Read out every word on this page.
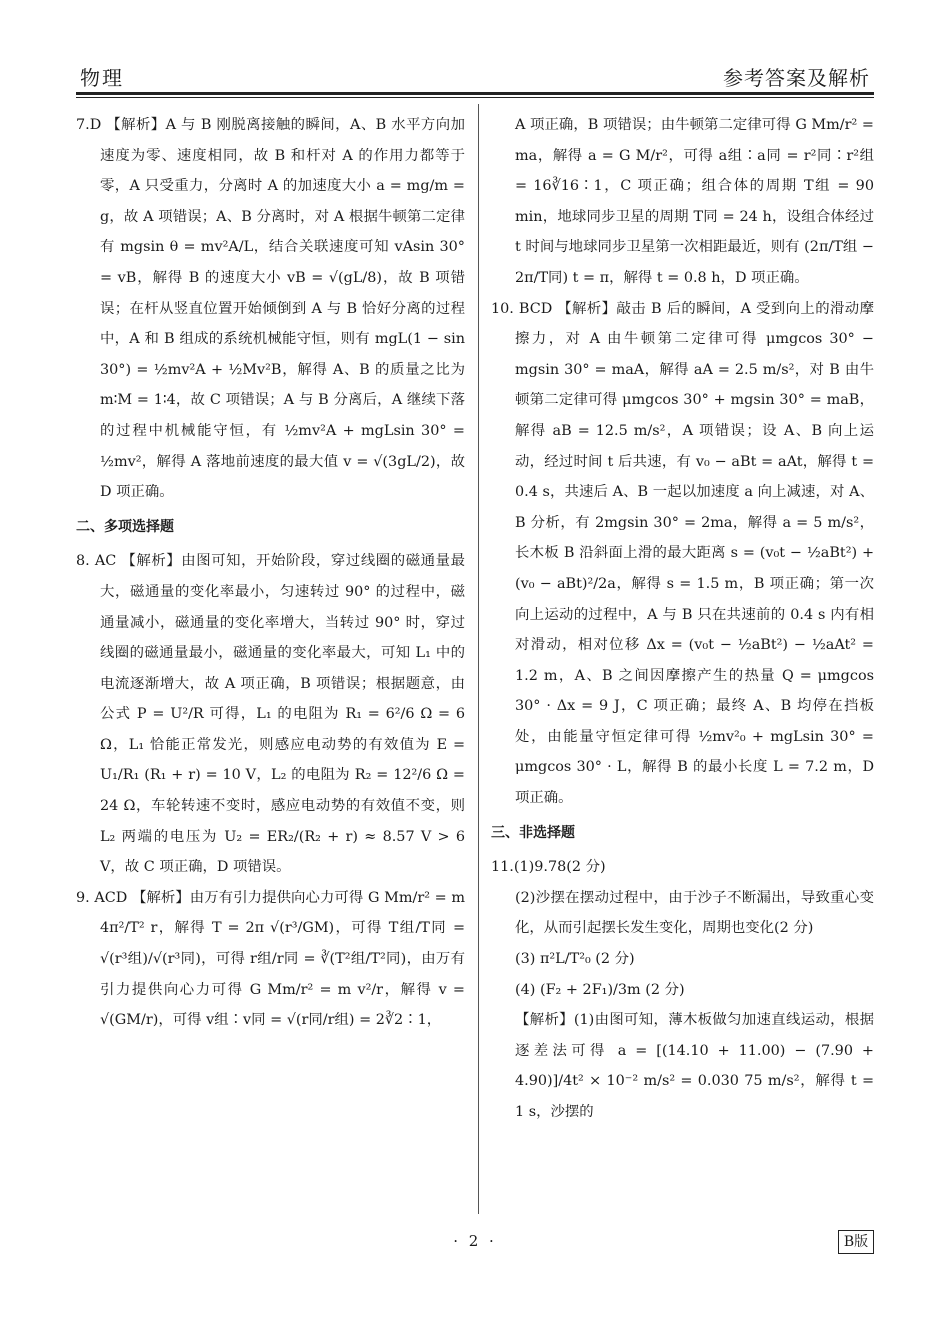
物理	参考答案及解析

7.D 【解析】A 与 B 刚脱离接触的瞬间，A、B 水平方向加速度为零、速度相同，故 B 和杆对 A 的作用力都等于零，A 只受重力，分离时 A 的加速度大小 a = mg/m = g，故 A 项错误；A、B 分离时，对 A 根据牛顿第二定律有 mgsin θ = mv²A/L，结合关联速度可知 vAsin 30° = vB，解得 B 的速度大小 vB = √(gL/8)，故 B 项错误；在杆从竖直位置开始倾倒到 A 与 B 恰好分离的过程中，A 和 B 组成的系统机械能守恒，则有 mgL(1 − sin 30°) = ½mv²A + ½Mv²B，解得 A、B 的质量之比为 m∶M = 1∶4，故 C 项错误；A 与 B 分离后，A 继续下落的过程中机械能守恒，有 ½mv²A + mgLsin 30° = ½mv²，解得 A 落地前速度的最大值 v = √(3gL/2)，故 D 项正确。

二、多项选择题

8. AC 【解析】由图可知，开始阶段，穿过线圈的磁通量最大，磁通量的变化率最小，匀速转过 90° 的过程中，磁通量减小，磁通量的变化率增大，当转过 90° 时，穿过线圈的磁通量最小，磁通量的变化率最大，可知 L₁ 中的电流逐渐增大，故 A 项正确，B 项错误；根据题意，由公式 P = U²/R 可得，L₁ 的电阻为 R₁ = 6²/6 Ω = 6 Ω，L₁ 恰能正常发光，则感应电动势的有效值为 E = U₁/R₁ (R₁ + r) = 10 V，L₂ 的电阻为 R₂ = 12²/6 Ω = 24 Ω，车轮转速不变时，感应电动势的有效值不变，则 L₂ 两端的电压为 U₂ = ER₂/(R₂ + r) ≈ 8.57 V > 6 V，故 C 项正确，D 项错误。

9. ACD 【解析】由万有引力提供向心力可得 G Mm/r² = m 4π²/T² r，解得 T = 2π √(r³/GM)，可得 T组/T同 = √(r³组)/√(r³同)，可得 r组/r同 = ∛(T²组/T²同)，由万有引力提供向心力可得 G Mm/r² = m v²/r，解得 v = √(GM/r)，可得 v组∶v同 = √(r同/r组) = 2∛2∶1，

A 项正确，B 项错误；由牛顿第二定律可得 G Mm/r² = ma，解得 a = G M/r²，可得 a组∶a同 = r²同∶r²组 = 16∛16∶1，C 项正确；组合体的周期 T组 = 90 min，地球同步卫星的周期 T同 = 24 h，设组合体经过 t 时间与地球同步卫星第一次相距最近，则有 (2π/T组 − 2π/T同) t = π，解得 t = 0.8 h，D 项正确。

10. BCD 【解析】敲击 B 后的瞬间，A 受到向上的滑动摩擦力，对 A 由牛顿第二定律可得 μmgcos 30° − mgsin 30° = maA，解得 aA = 2.5 m/s²，对 B 由牛顿第二定律可得 μmgcos 30° + mgsin 30° = maB，解得 aB = 12.5 m/s²，A 项错误；设 A、B 向上运动，经过时间 t 后共速，有 v₀ − aBt = aAt，解得 t = 0.4 s，共速后 A、B 一起以加速度 a 向上减速，对 A、B 分析，有 2mgsin 30° = 2ma，解得 a = 5 m/s²，长木板 B 沿斜面上滑的最大距离 s = (v₀t − ½aBt²) + (v₀ − aBt)²/2a，解得 s = 1.5 m，B 项正确；第一次向上运动的过程中，A 与 B 只在共速前的 0.4 s 内有相对滑动，相对位移 Δx = (v₀t − ½aBt²) − ½aAt² = 1.2 m，A、B 之间因摩擦产生的热量 Q = μmgcos 30° · Δx = 9 J，C 项正确；最终 A、B 均停在挡板处，由能量守恒定律可得 ½mv²₀ + mgLsin 30° = μmgcos 30° · L，解得 B 的最小长度 L = 7.2 m，D 项正确。

三、非选择题

11.(1)9.78(2 分)

(2)沙摆在摆动过程中，由于沙子不断漏出，导致重心变化，从而引起摆长发生变化，周期也变化(2 分)

(3) π²L/T²₀ (2 分)

(4) (F₂ + 2F₁)/3m (2 分)

【解析】(1)由图可知，薄木板做匀加速直线运动，根据逐差法可得 a = [(14.10 + 11.00) − (7.90 + 4.90)]/4t² × 10⁻² m/s² = 0.030 75 m/s²，解得 t = 1 s，沙摆的

· 2 ·	B版
